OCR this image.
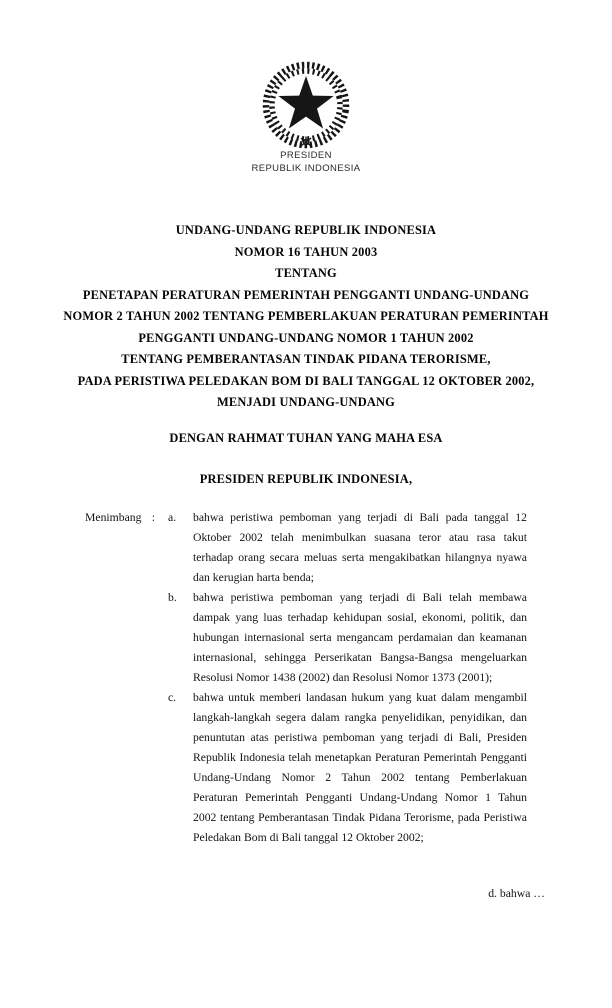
PRESIDEN
REPUBLIK INDONESIA
UNDANG-UNDANG REPUBLIK INDONESIA
NOMOR 16 TAHUN 2003
TENTANG
PENETAPAN PERATURAN PEMERINTAH PENGGANTI UNDANG-UNDANG
NOMOR 2 TAHUN 2002 TENTANG PEMBERLAKUAN PERATURAN PEMERINTAH
PENGGANTI UNDANG-UNDANG NOMOR 1 TAHUN 2002
TENTANG PEMBERANTASAN TINDAK PIDANA TERORISME,
PADA PERISTIWA PELEDAKAN BOM DI BALI TANGGAL 12 OKTOBER 2002,
MENJADI UNDANG-UNDANG
DENGAN RAHMAT TUHAN YANG MAHA ESA
PRESIDEN REPUBLIK INDONESIA,
Menimbang : a.	bahwa peristiwa pemboman yang terjadi di Bali pada tanggal 12 Oktober 2002 telah menimbulkan suasana teror atau rasa takut terhadap orang secara meluas serta mengakibatkan hilangnya nyawa dan kerugian harta benda;
b.	bahwa peristiwa pemboman yang terjadi di Bali telah membawa dampak yang luas terhadap kehidupan sosial, ekonomi, politik, dan hubungan internasional serta mengancam perdamaian dan keamanan internasional, sehingga Perserikatan Bangsa-Bangsa mengeluarkan Resolusi Nomor 1438 (2002) dan Resolusi Nomor 1373 (2001);
c.	bahwa untuk memberi landasan hukum yang kuat dalam mengambil langkah-langkah segera dalam rangka penyelidikan, penyidikan, dan penuntutan atas peristiwa pemboman yang terjadi di Bali, Presiden Republik Indonesia telah menetapkan Peraturan Pemerintah Pengganti Undang-Undang Nomor 2 Tahun 2002 tentang Pemberlakuan Peraturan Pemerintah Pengganti Undang-Undang Nomor 1 Tahun 2002 tentang Pemberantasan Tindak Pidana Terorisme, pada Peristiwa Peledakan Bom di Bali tanggal 12 Oktober 2002;
d. bahwa …
